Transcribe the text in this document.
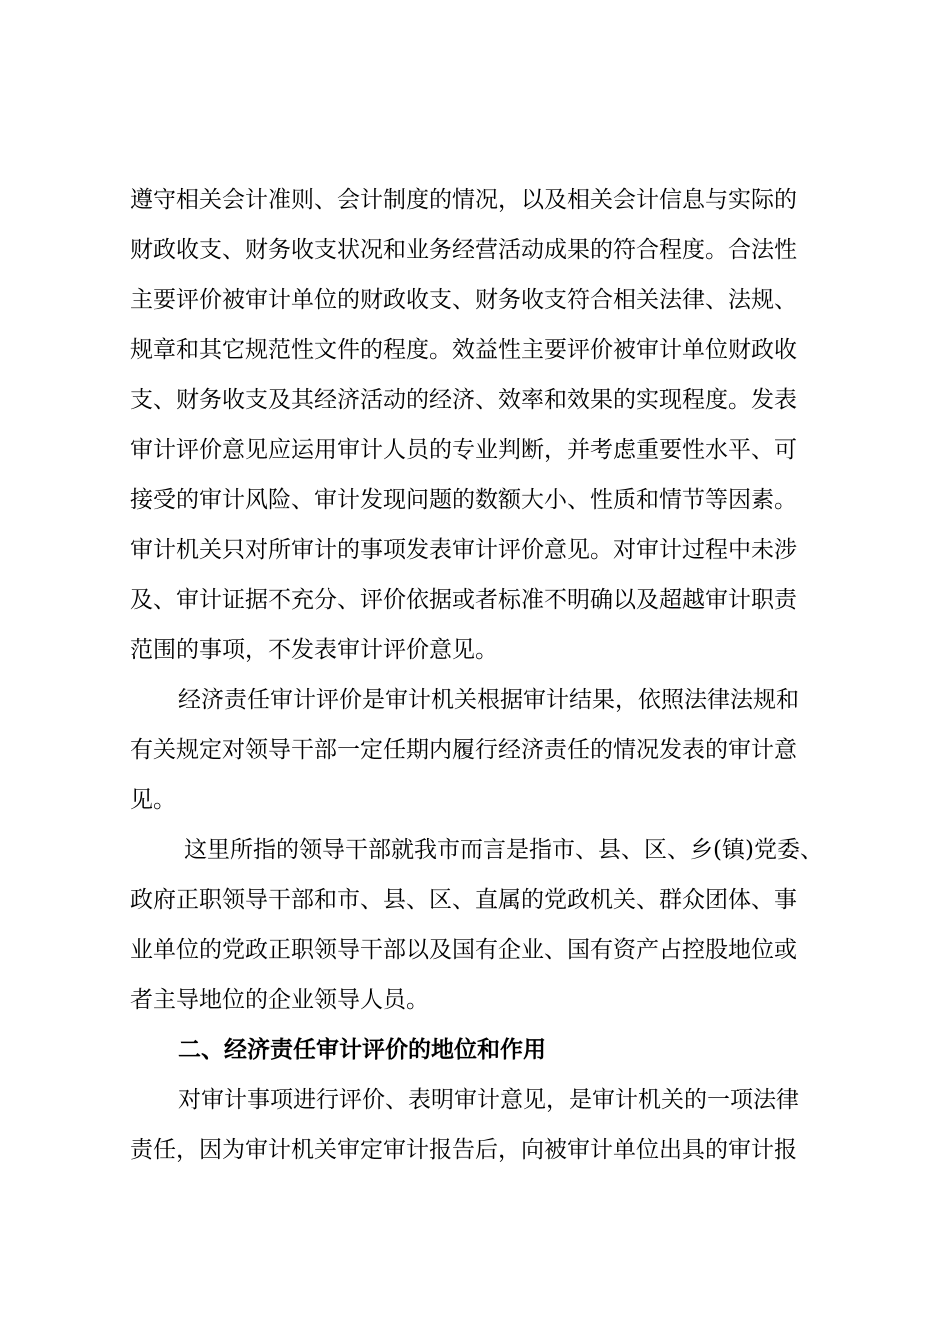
遵守相关会计准则、会计制度的情况，以及相关会计信息与实际的
财政收支、财务收支状况和业务经营活动成果的符合程度。合法性
主要评价被审计单位的财政收支、财务收支符合相关法律、法规、
规章和其它规范性文件的程度。效益性主要评价被审计单位财政收
支、财务收支及其经济活动的经济、效率和效果的实现程度。发表
审计评价意见应运用审计人员的专业判断，并考虑重要性水平、可
接受的审计风险、审计发现问题的数额大小、性质和情节等因素。
审计机关只对所审计的事项发表审计评价意见。对审计过程中未涉
及、审计证据不充分、评价依据或者标准不明确以及超越审计职责
范围的事项，不发表审计评价意见。
经济责任审计评价是审计机关根据审计结果，依照法律法规和
有关规定对领导干部一定任期内履行经济责任的情况发表的审计意
见。
这里所指的领导干部就我市而言是指市、县、区、乡(镇)党委、
政府正职领导干部和市、县、区、直属的党政机关、群众团体、事
业单位的党政正职领导干部以及国有企业、国有资产占控股地位或
者主导地位的企业领导人员。
二、经济责任审计评价的地位和作用
对审计事项进行评价、表明审计意见，是审计机关的一项法律
责任，因为审计机关审定审计报告后，向被审计单位出具的审计报
